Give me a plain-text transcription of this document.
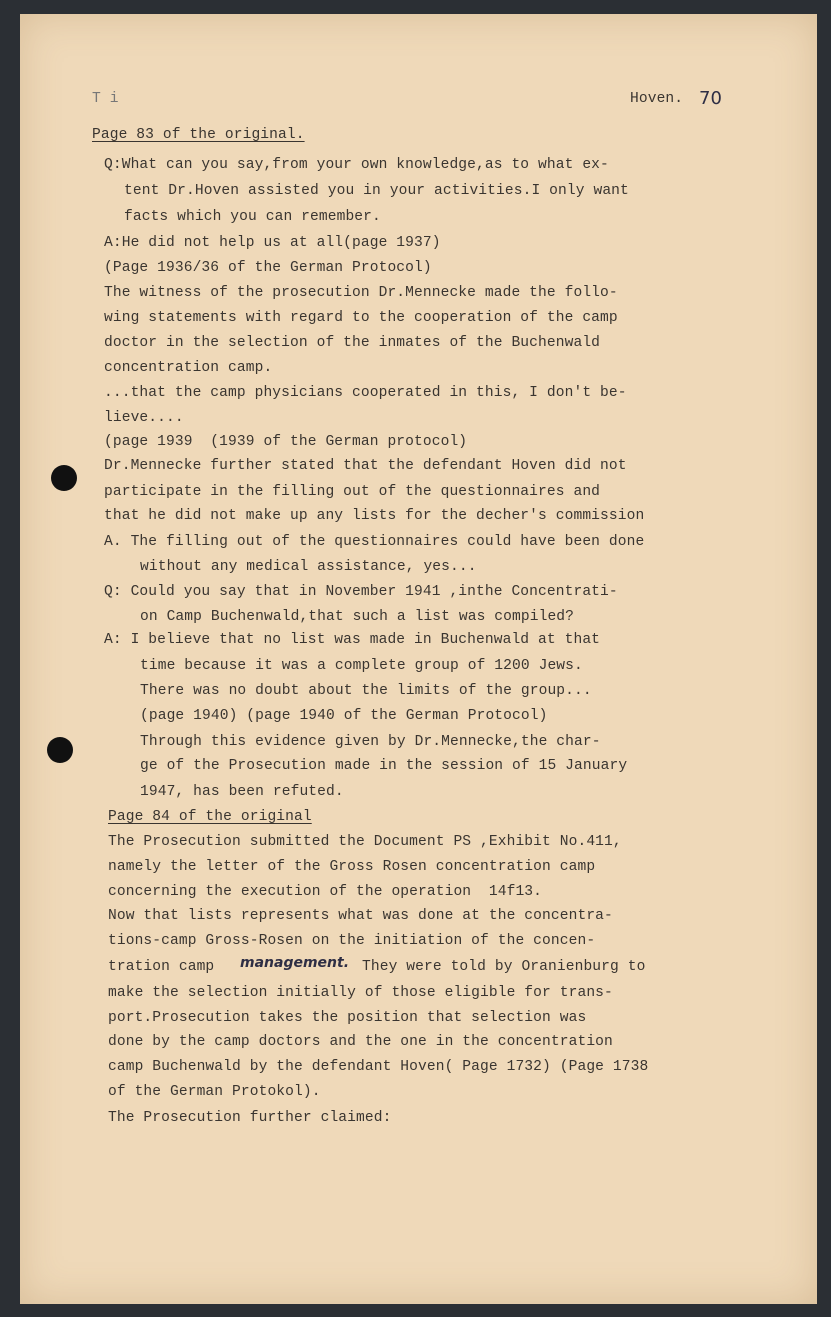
T i	Hoven. 70
Page 83 of the original.
Q:What can you say,from your own knowledge,as to what ex-
tent Dr.Hoven assisted you in your activities.I only want
facts which you can remember.
A:He did not help us at all(page 1937)
(Page 1936/36 of the German Protocol)
The witness of the prosecution Dr.Mennecke made the follo-
wing statements with regard to the cooperation of the camp
doctor in the selection of the inmates of the Buchenwald
concentration camp.
...that the camp physicians cooperated in this, I don't be-
lieve....
(page 1939  (1939 of the German protocol)
Dr.Mennecke further stated that the defendant Hoven did not
participate in the filling out of the questionnaires and
that he did not make up any lists for the decher's commission
A. The filling out of the questionnaires could have been done
without any medical assistance, yes...
Q: Could you say that in November 1941 ,inthe Concentrati-
on Camp Buchenwald,that such a list was compiled?
A: I believe that no list was made in Buchenwald at that
time because it was a complete group of 1200 Jews.
There was no doubt about the limits of the group...
(page 1940) (page 1940 of the German Protocol)
Through this evidence given by Dr.Mennecke,the char-
ge of the Prosecution made in the session of 15 January
1947, has been refuted.
Page 84 of the original
The Prosecution submitted the Document PS ,Exhibit No.411,
namely the letter of the Gross Rosen concentration camp
concerning the execution of the operation  14f13.
Now that lists represents what was done at the concentra-
tions-camp Gross-Rosen on the initiation of the concen-
tration camp management. They were told by Oranienburg to
make the selection initially of those eligible for trans-
port.Prosecution takes the position that selection was
done by the camp doctors and the one in the concentration
camp Buchenwald by the defendant Hoven( Page 1732) (Page 1738
of the German Protokol).
The Prosecution further claimed:
